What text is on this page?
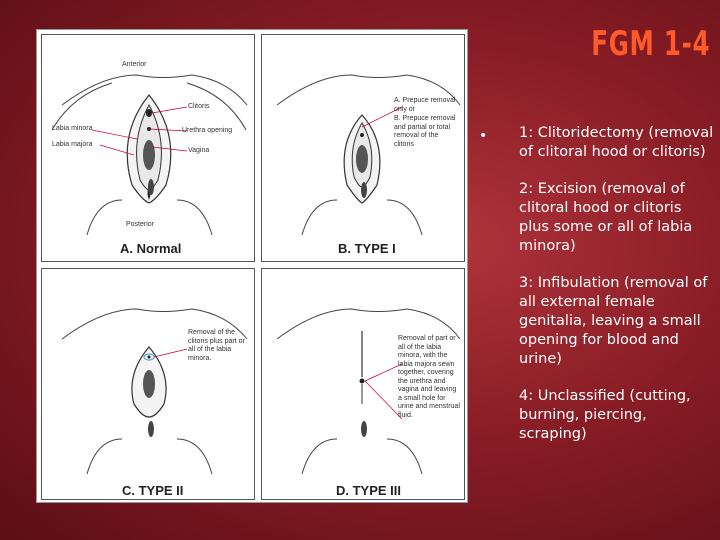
FGM 1-4
Anterior
Clitoris
Labia minora	Urethra opening
Labia majora
Vagina
Posterior
A. Normal
A. Prepuce removal only or
B. Prepuce removal and partial or total removal of the clitoris
B. TYPE I
Removal of the clitoris plus part or all of the labia minora.
C. TYPE II
Removal of part or all of the labia minora, with the labia majora sewn together, covering the urethra and vagina and leaving a small hole for urine and menstrual fluid.
D. TYPE III
• 1: Clitoridectomy (removal of clitoral hood or clitoris)
2: Excision (removal of clitoral hood or clitoris plus some or all of labia minora)
3: Infibulation (removal of all external female genitalia, leaving a small opening for blood and urine)
4: Unclassified (cutting, burning, piercing, scraping)
